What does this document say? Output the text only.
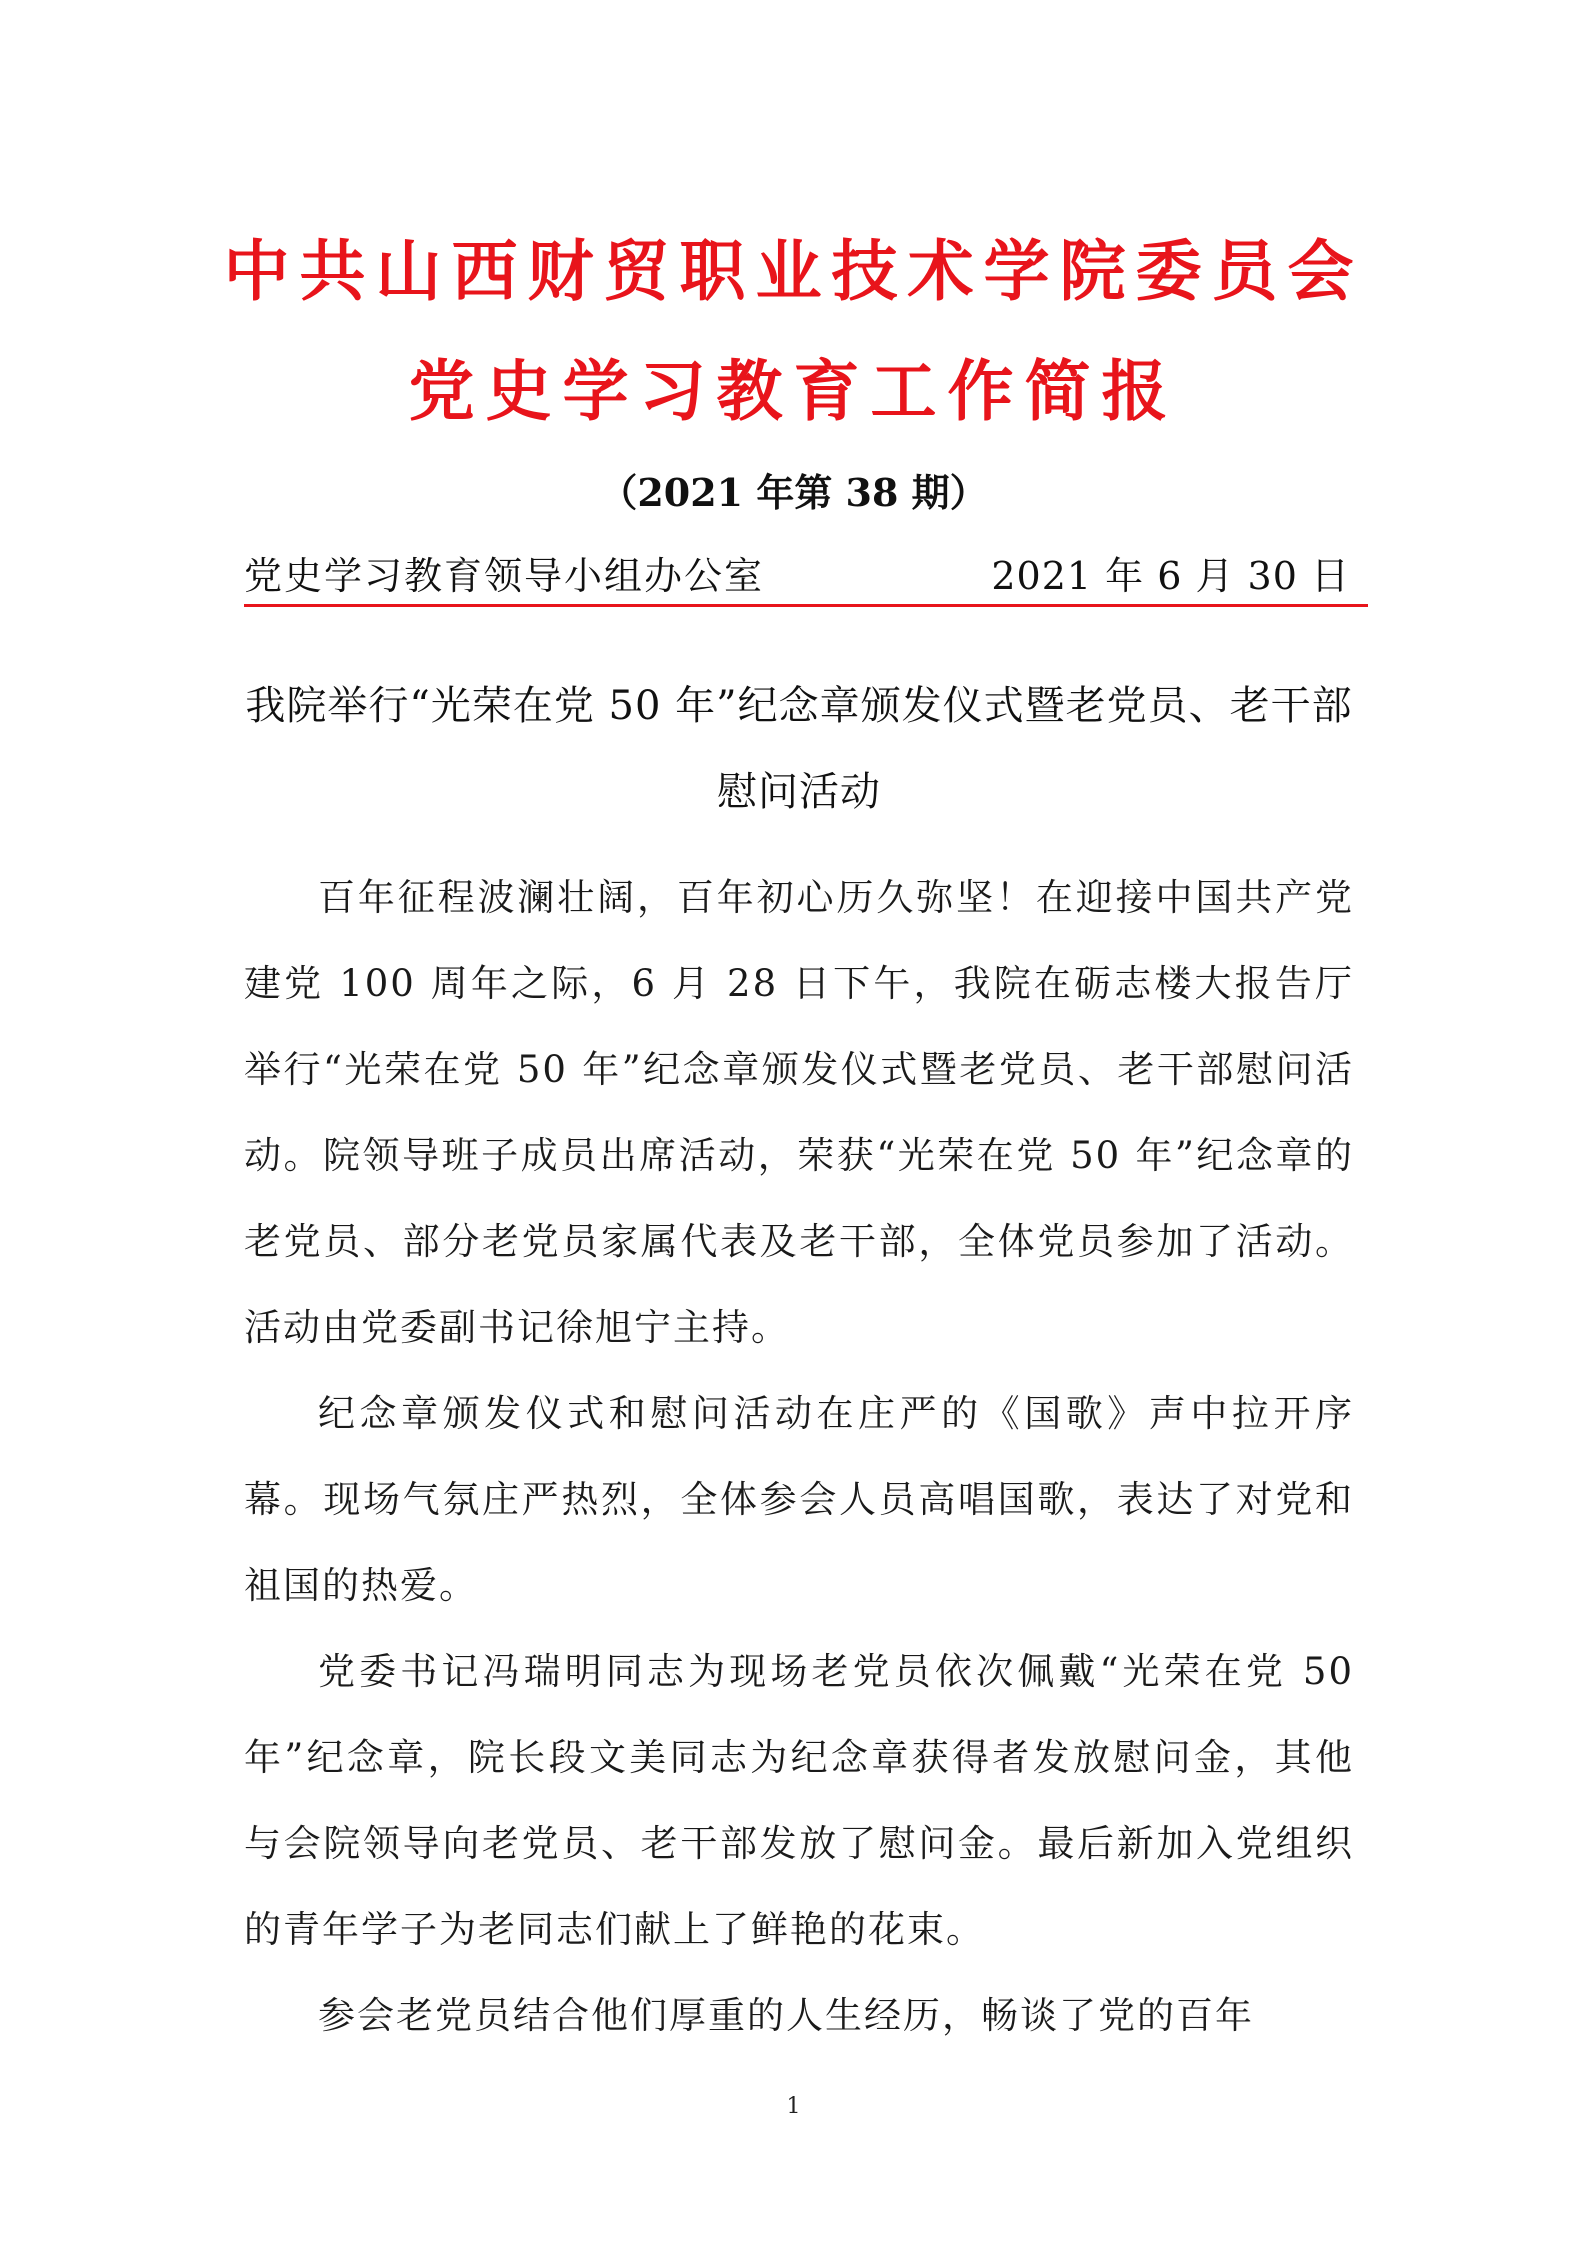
中共山西财贸职业技术学院委员会
党史学习教育工作简报
（2021 年第 38 期）
党史学习教育领导小组办公室	2021 年 6 月 30 日
我院举行“光荣在党 50 年”纪念章颁发仪式暨老党员、老干部慰问活动

百年征程波澜壮阔，百年初心历久弥坚！在迎接中国共产党建党 100 周年之际，6 月 28 日下午，我院在砺志楼大报告厅举行“光荣在党 50 年”纪念章颁发仪式暨老党员、老干部慰问活动。院领导班子成员出席活动，荣获“光荣在党 50 年”纪念章的老党员、部分老党员家属代表及老干部，全体党员参加了活动。活动由党委副书记徐旭宁主持。

纪念章颁发仪式和慰问活动在庄严的《国歌》声中拉开序幕。现场气氛庄严热烈，全体参会人员高唱国歌，表达了对党和祖国的热爱。

党委书记冯瑞明同志为现场老党员依次佩戴“光荣在党 50 年”纪念章，院长段文美同志为纪念章获得者发放慰问金，其他与会院领导向老党员、老干部发放了慰问金。最后新加入党组织的青年学子为老同志们献上了鲜艳的花束。

参会老党员结合他们厚重的人生经历，畅谈了党的百年

1
